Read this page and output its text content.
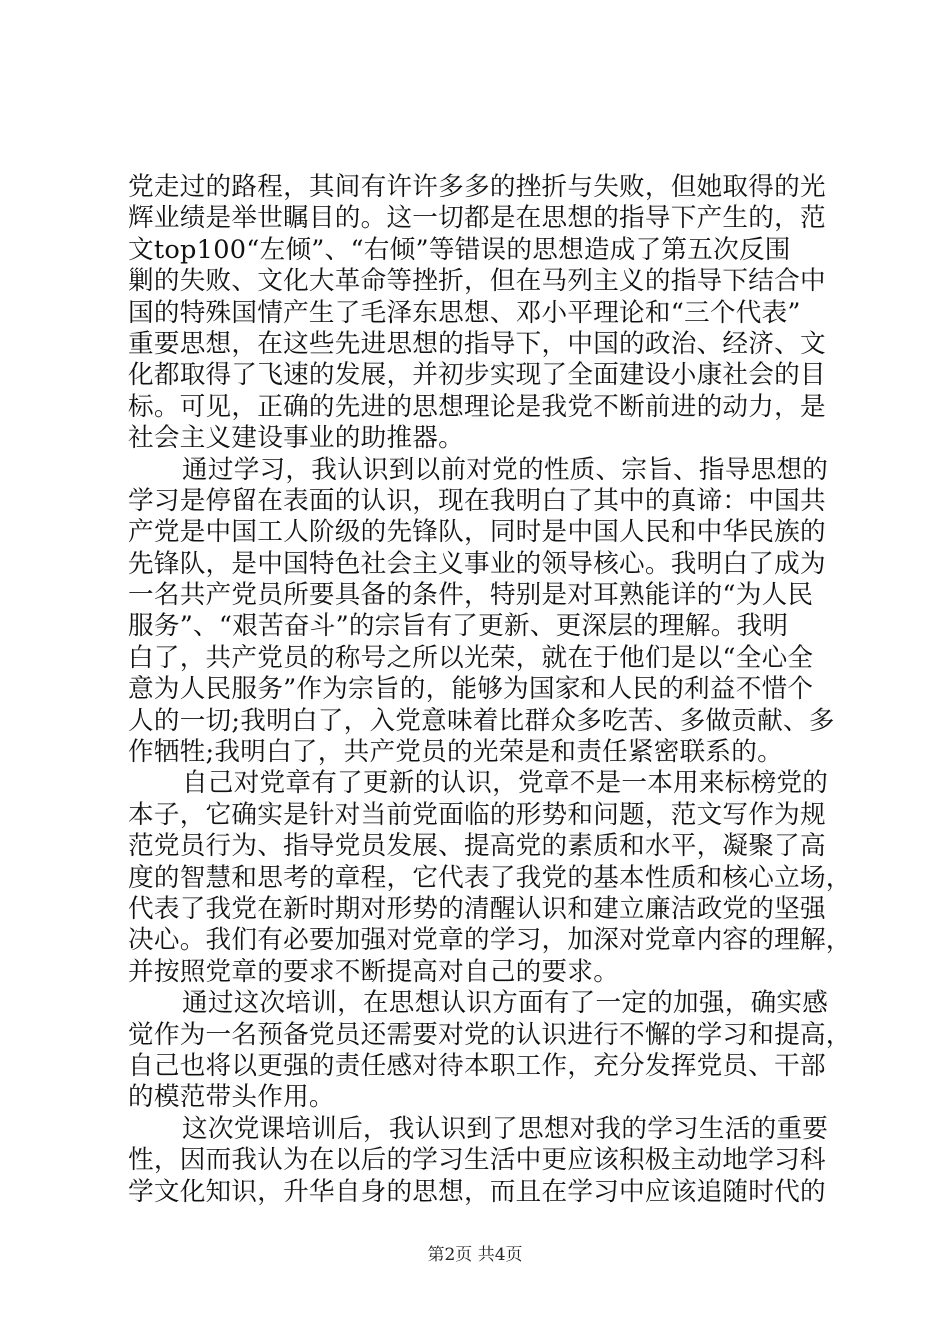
党走过的路程，其间有许许多多的挫折与失败，但她取得的光
辉业绩是举世瞩目的。这一切都是在思想的指导下产生的，范
文top100“左倾”、“右倾”等错误的思想造成了第五次反围
剿的失败、文化大革命等挫折，但在马列主义的指导下结合中
国的特殊国情产生了毛泽东思想、邓小平理论和“三个代表”
重要思想，在这些先进思想的指导下，中国的政治、经济、文
化都取得了飞速的发展，并初步实现了全面建设小康社会的目
标。可见，正确的先进的思想理论是我党不断前进的动力，是
社会主义建设事业的助推器。
通过学习，我认识到以前对党的性质、宗旨、指导思想的
学习是停留在表面的认识，现在我明白了其中的真谛：中国共
产党是中国工人阶级的先锋队，同时是中国人民和中华民族的
先锋队，是中国特色社会主义事业的领导核心。我明白了成为
一名共产党员所要具备的条件，特别是对耳熟能详的“为人民
服务”、“艰苦奋斗”的宗旨有了更新、更深层的理解。我明
白了，共产党员的称号之所以光荣，就在于他们是以“全心全
意为人民服务”作为宗旨的，能够为国家和人民的利益不惜个
人的一切;我明白了，入党意味着比群众多吃苦、多做贡献、多
作牺牲;我明白了，共产党员的光荣是和责任紧密联系的。
自己对党章有了更新的认识，党章不是一本用来标榜党的
本子，它确实是针对当前党面临的形势和问题，范文写作为规
范党员行为、指导党员发展、提高党的素质和水平，凝聚了高
度的智慧和思考的章程，它代表了我党的基本性质和核心立场，
代表了我党在新时期对形势的清醒认识和建立廉洁政党的坚强
决心。我们有必要加强对党章的学习，加深对党章内容的理解，
并按照党章的要求不断提高对自己的要求。
通过这次培训，在思想认识方面有了一定的加强，确实感
觉作为一名预备党员还需要对党的认识进行不懈的学习和提高，
自己也将以更强的责任感对待本职工作，充分发挥党员、干部
的模范带头作用。
这次党课培训后，我认识到了思想对我的学习生活的重要
性，因而我认为在以后的学习生活中更应该积极主动地学习科
学文化知识，升华自身的思想，而且在学习中应该追随时代的
第2页 共4页
